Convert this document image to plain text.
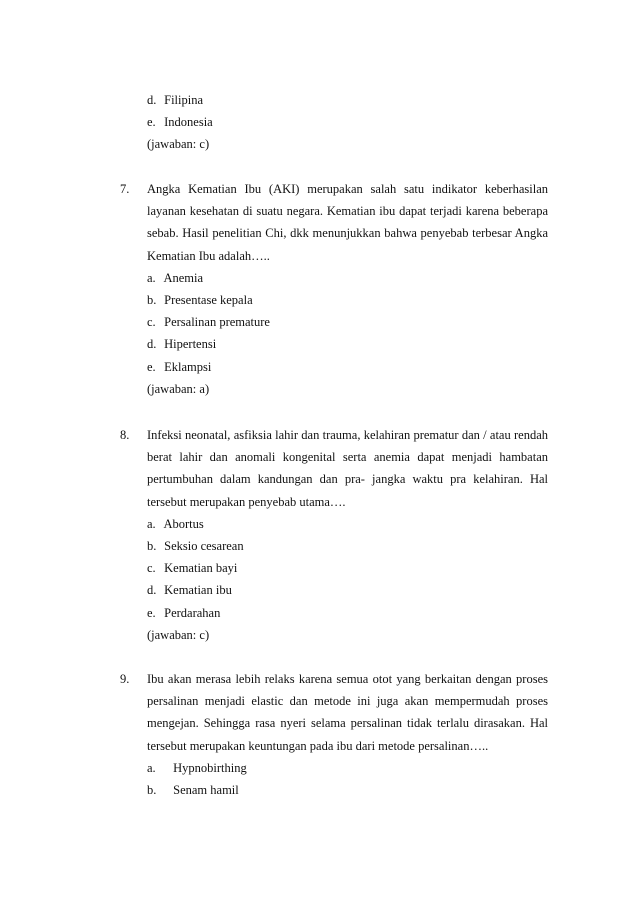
d. Filipina
e. Indonesia
(jawaban: c)
7. Angka Kematian Ibu (AKI) merupakan salah satu indikator keberhasilan layanan kesehatan di suatu negara. Kematian ibu dapat terjadi karena beberapa sebab. Hasil penelitian Chi, dkk menunjukkan bahwa penyebab terbesar Angka Kematian Ibu adalah…..

a. Anemia
b. Presentase kepala
c. Persalinan premature
d. Hipertensi
e. Eklampsi
(jawaban: a)
8. Infeksi neonatal, asfiksia lahir dan trauma, kelahiran prematur dan / atau rendah berat lahir dan anomali kongenital serta anemia dapat menjadi hambatan pertumbuhan dalam kandungan dan pra- jangka waktu pra kelahiran. Hal tersebut merupakan penyebab utama….

a. Abortus
b. Seksio cesarean
c. Kematian bayi
d. Kematian ibu
e. Perdarahan
(jawaban: c)
9. Ibu akan merasa lebih relaks karena semua otot yang berkaitan dengan proses persalinan menjadi elastic dan metode ini juga akan mempermudah proses mengejan. Sehingga rasa nyeri selama persalinan tidak terlalu dirasakan. Hal tersebut merupakan keuntungan pada ibu dari metode persalinan…..

a. Hypnobirthing
b. Senam hamil
